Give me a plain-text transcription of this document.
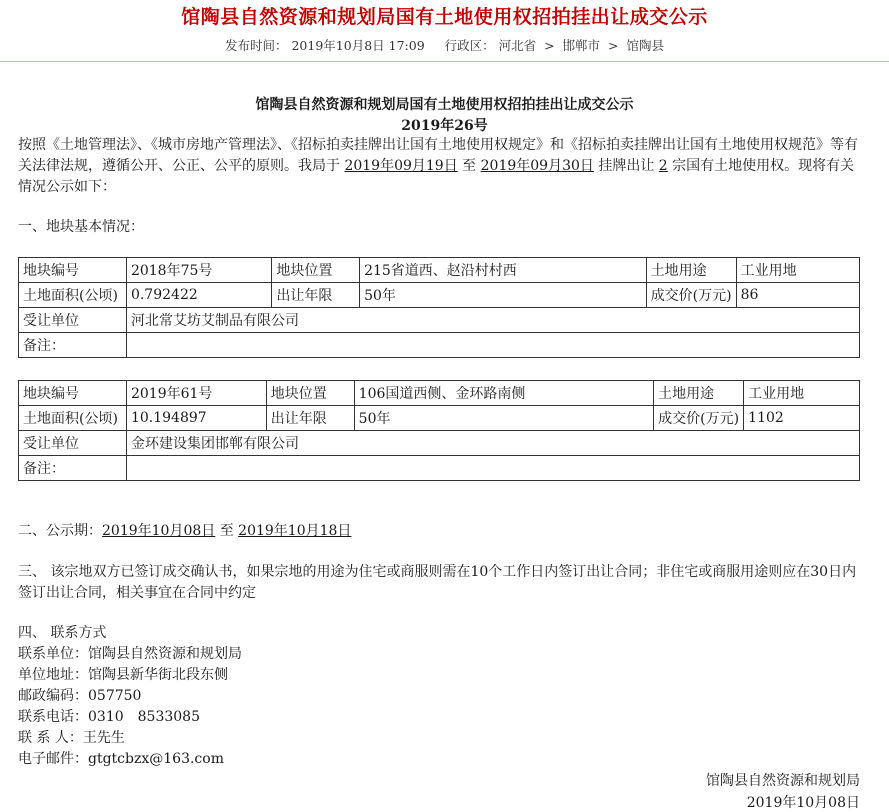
馆陶县自然资源和规划局国有土地使用权招拍挂出让成交公示
发布时间： 2019年10月8日 17:09 行政区： 河北省 > 邯郸市 > 馆陶县
馆陶县自然资源和规划局国有土地使用权招拍挂出让成交公示
2019年26号
按照《土地管理法》、《城市房地产管理法》、《招标拍卖挂牌出让国有土地使用权规定》和《招标拍卖挂牌出让国有土地使用权规范》等有关法律法规，遵循公开、公正、公平的原则。我局于 2019年09月19日 至 2019年09月30日 挂牌出让 2 宗国有土地使用权。现将有关情况公示如下：
一、地块基本情况：
地块编号	2018年75号	地块位置	215省道西、赵沿村村西	土地用途	工业用地
土地面积(公顷)	0.792422	出让年限	50年	成交价(万元)	86
受让单位	河北常艾坊艾制品有限公司				
备注：					
地块编号	2019年61号	地块位置	106国道西侧、金环路南侧	土地用途	工业用地
土地面积(公顷)	10.194897	出让年限	50年	成交价(万元)	1102
受让单位	金环建设集团邯郸有限公司				
备注：					
二、公示期：2019年10月08日 至 2019年10月18日
三、 该宗地双方已签订成交确认书，如果宗地的用途为住宅或商服则需在10个工作日内签订出让合同；非住宅或商服用途则应在30日内签订出让合同，相关事宜在合同中约定
四、 联系方式
联系单位：馆陶县自然资源和规划局
单位地址：馆陶县新华街北段东侧
邮政编码：057750
联系电话：0310　8533085
联 系 人：王先生
电子邮件：gtgtcbzx@163.com
馆陶县自然资源和规划局
2019年10月08日
